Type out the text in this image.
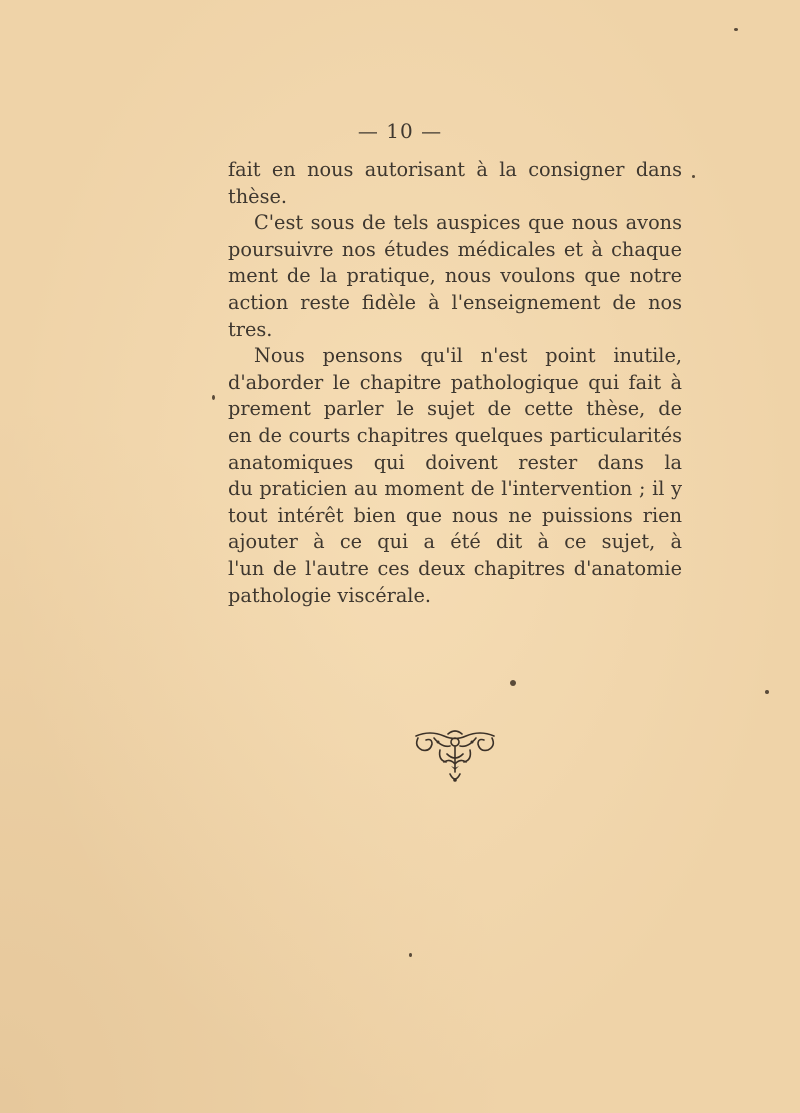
— 10 —
fait en nous autorisant à la consigner dans
thèse.
C'est sous de tels auspices que nous avons
poursuivre nos études médicales et à chaque
ment de la pratique, nous voulons que notre
action reste fidèle à l'enseignement de nos
tres.
Nous pensons qu'il n'est point inutile,
d'aborder le chapitre pathologique qui fait à
prement parler le sujet de cette thèse, de
en de courts chapitres quelques particularités
anatomiques qui doivent rester dans la
du praticien au moment de l'intervention ; il y
tout intérêt bien que nous ne puissions rien
ajouter à ce qui a été dit à ce sujet, à
l'un de l'autre ces deux chapitres d'anatomie
pathologie viscérale.
